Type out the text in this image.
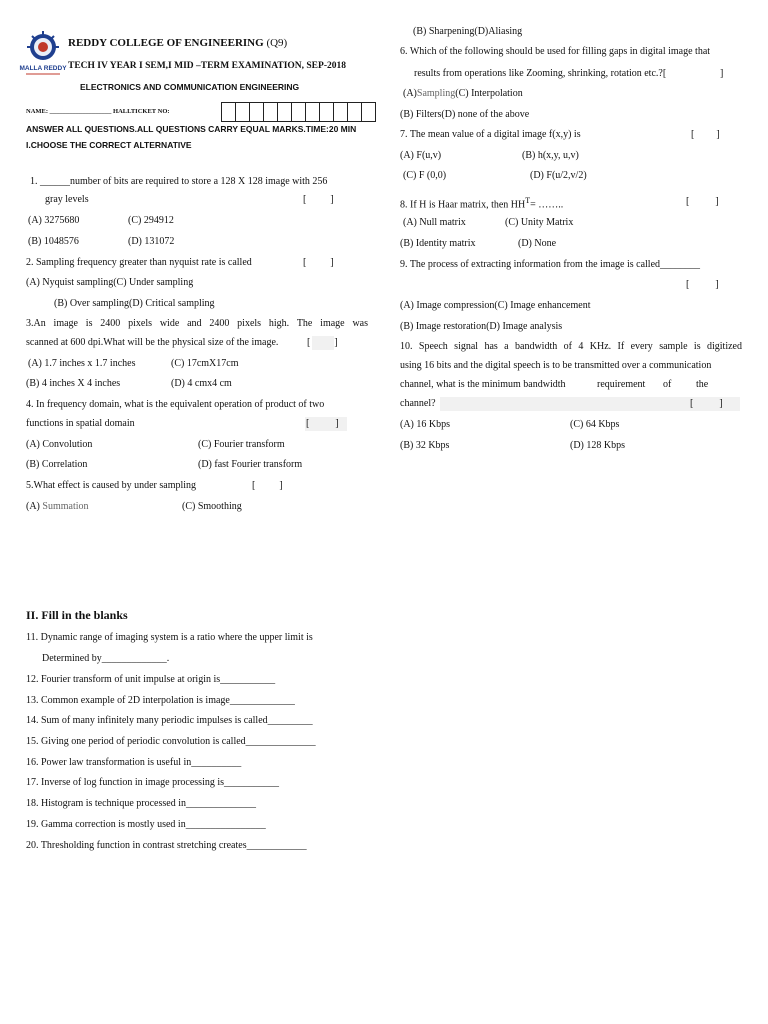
MALLA REDDY
REDDY COLLEGE OF ENGINEERING (Q9)
TECH IV YEAR I SEM,I MID –TERM EXAMINATION, SEP-2018
ELECTRONICS AND COMMUNICATION ENGINEERING
NAME: ___________________ HALLTICKET NO:
ANSWER ALL QUESTIONS.ALL QUESTIONS CARRY EQUAL MARKS.TIME:20 MIN
I.CHOOSE THE CORRECT ALTERNATIVE
1. ______number of bits are required to store a 128 X 128 image with 256
gray levels	[ ]
(A) 3275680	(C) 294912
(B) 1048576	(D) 131072
2. Sampling frequency greater than nyquist rate is called	[ ]
(A) Nyquist sampling(C) Under sampling
(B) Over sampling(D) Critical sampling
3.An image is 2400 pixels wide and 2400 pixels high. The image was
scanned at 600 dpi.What will be the physical size of the image.	[ ]
(A) 1.7 inches x 1.7 inches	(C) 17cmX17cm
(B) 4 inches X 4 inches	(D) 4 cmx4 cm
4. In frequency domain, what is the equivalent operation of product of two
functions in spatial domain	[	]
(A) Convolution	(C) Fourier transform
(B) Correlation	(D) fast Fourier transform
5.What effect is caused by under sampling	[ ]
(A) Summation	(C) Smoothing
(B) Sharpening(D)Aliasing
6. Which of the following should be used for filling gaps in digital image that
results from operations like Zooming, shrinking, rotation etc.?[	]
(A)Sampling(C) Interpolation
(B) Filters(D) none of the above
7. The mean value of a digital image f(x,y) is	[ ]
(A) F(u,v)	(B) h(x,y, u,v)
(C) F (0,0)	(D) F(u/2,v/2)
8. If H is Haar matrix, then $HH^T=$ ……..	[	]
(A) Null matrix	(C) Unity Matrix
(B) Identity matrix	(D) None
9. The process of extracting information from the image is called________
[	]
(A) Image compression(C) Image enhancement
(B) Image restoration(D) Image analysis
10. Speech signal has a bandwidth of 4 KHz. If every sample is digitized
using 16 bits and the digital speech is to be transmitted over a communication
channel, what is the minimum bandwidth	requirement of the
channel?	[	]
(A) 16 Kbps	(C) 64 Kbps
(B) 32 Kbps	(D) 128 Kbps
II. Fill in the blanks
11. Dynamic range of imaging system is a ratio where the upper limit is
Determined by_____________.
12. Fourier transform of unit impulse at origin is___________
13. Common example of 2D interpolation is image_____________
14. Sum of many infinitely many periodic impulses is called_________
15. Giving one period of periodic convolution is called______________
16. Power law transformation is useful in__________
17. Inverse of log function in image processing is___________
18. Histogram is technique processed in______________
19. Gamma correction is mostly used in________________
20. Thresholding function in contrast stretching creates____________
